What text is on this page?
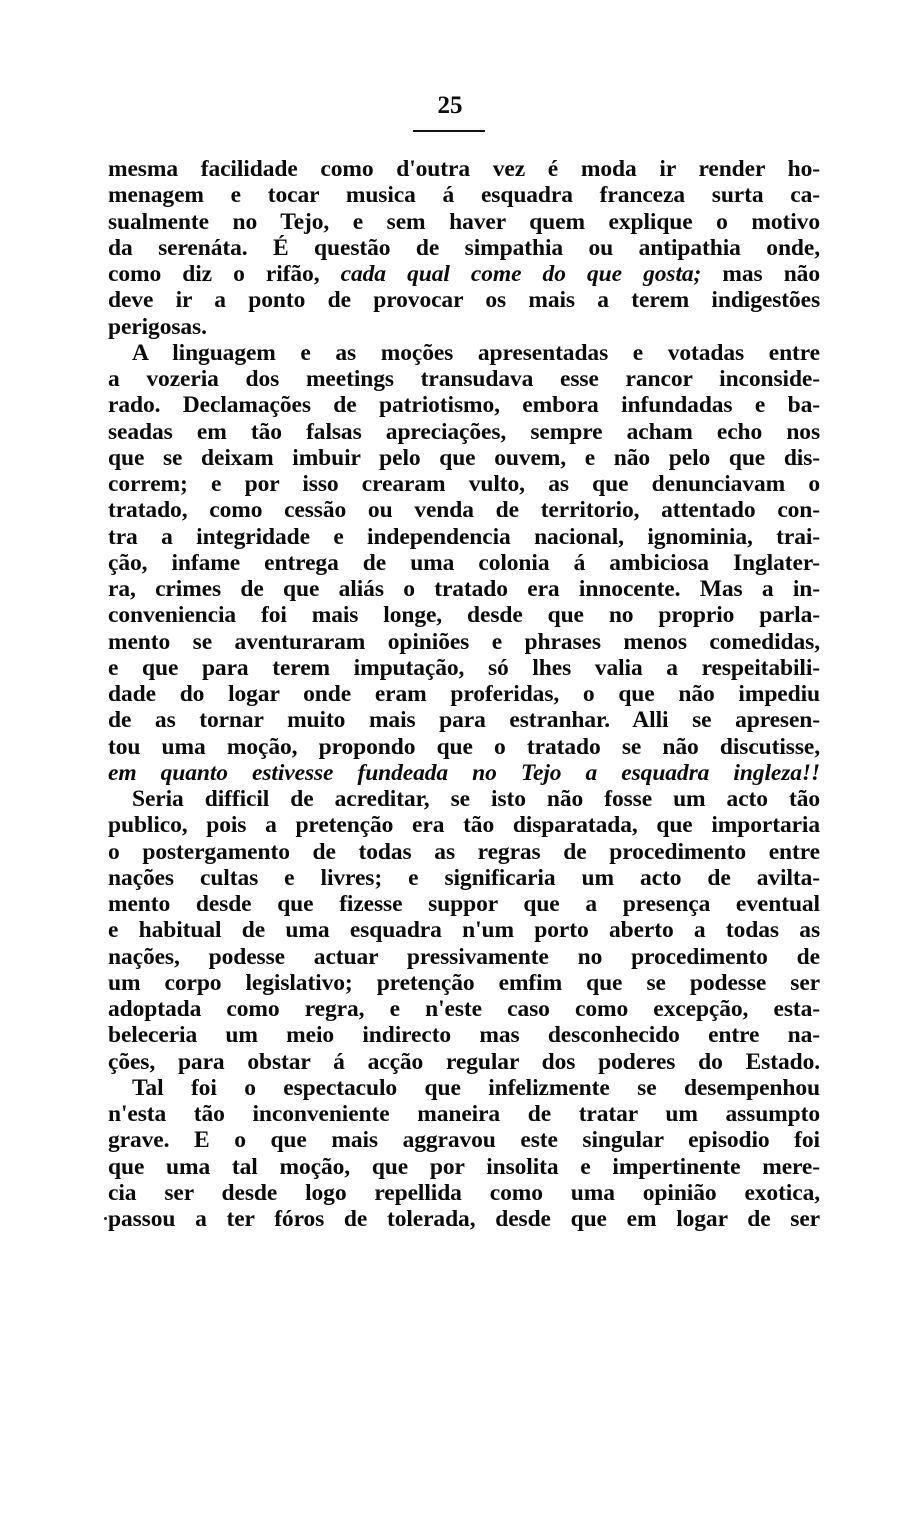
25
mesma facilidade como d'outra vez é moda ir render ho-
menagem e tocar musica á esquadra franceza surta ca-
sualmente no Tejo, e sem haver quem explique o motivo
da serenáta. É questão de simpathia ou antipathia onde,
como diz o rifão, cada qual come do que gosta; mas não
deve ir a ponto de provocar os mais a terem indigestões
perigosas.
A linguagem e as moções apresentadas e votadas entre
a vozeria dos meetings transudava esse rancor inconside-
rado. Declamações de patriotismo, embora infundadas e ba-
seadas em tão falsas apreciações, sempre acham echo nos
que se deixam imbuir pelo que ouvem, e não pelo que dis-
correm; e por isso crearam vulto, as que denunciavam o
tratado, como cessão ou venda de territorio, attentado con-
tra a integridade e independencia nacional, ignominia, trai-
ção, infame entrega de uma colonia á ambiciosa Inglater-
ra, crimes de que aliás o tratado era innocente. Mas a in-
conveniencia foi mais longe, desde que no proprio parla-
mento se aventuraram opiniões e phrases menos comedidas,
e que para terem imputação, só lhes valia a respeitabili-
dade do logar onde eram proferidas, o que não impediu
de as tornar muito mais para estranhar. Alli se apresen-
tou uma moção, propondo que o tratado se não discutisse,
em quanto estivesse fundeada no Tejo a esquadra ingleza!!
Seria difficil de acreditar, se isto não fosse um acto tão
publico, pois a pretenção era tão disparatada, que importaria
o postergamento de todas as regras de procedimento entre
nações cultas e livres; e significaria um acto de avilta-
mento desde que fizesse suppor que a presença eventual
e habitual de uma esquadra n'um porto aberto a todas as
nações, podesse actuar pressivamente no procedimento de
um corpo legislativo; pretenção emfim que se podesse ser
adoptada como regra, e n'este caso como excepção, esta-
beleceria um meio indirecto mas desconhecido entre na-
ções, para obstar á acção regular dos poderes do Estado.
Tal foi o espectaculo que infelizmente se desempenhou
n'esta tão inconveniente maneira de tratar um assumpto
grave. E o que mais aggravou este singular episodio foi
que uma tal moção, que por insolita e impertinente mere-
cia ser desde logo repellida como uma opinião exotica,
passou a ter fóros de tolerada, desde que em logar de ser
